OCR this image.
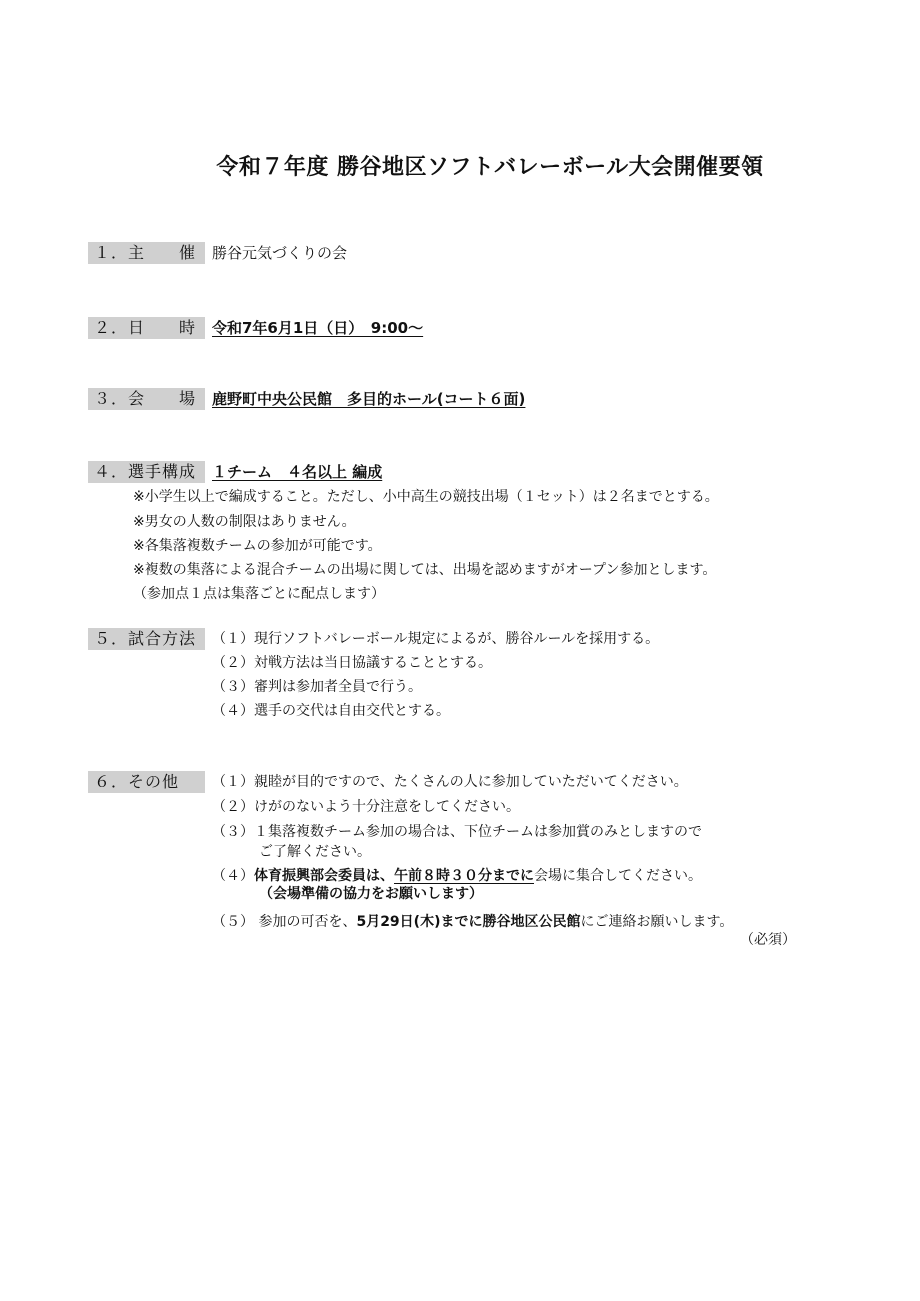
令和７年度 勝谷地区ソフトバレーボール大会開催要領
１．主 催	勝谷元気づくりの会
２．日 時	令和7年6月1日（日）　9:00～
３．会 場	鹿野町中央公民館　多目的ホール(コート６面)
４．選手構成	１チーム　４名以上 編成
※小学生以上で編成すること。ただし、小中高生の競技出場（１セット）は２名までとする。
※男女の人数の制限はありません。
※各集落複数チームの参加が可能です。
※複数の集落による混合チームの出場に関しては、出場を認めますがオープン参加とします。
（参加点１点は集落ごとに配点します）
５．試合方法	（１）現行ソフトバレーボール規定によるが、勝谷ルールを採用する。
（２）対戦方法は当日協議することとする。
（３）審判は参加者全員で行う。
（４）選手の交代は自由交代とする。
６．その他	（１）親睦が目的ですので、たくさんの人に参加していただいてください。
（２）けがのないよう十分注意をしてください。
（３）１集落複数チーム参加の場合は、下位チームは参加賞のみとしますので
ご了解ください。
（４）体育振興部会委員は、午前８時３０分までに会場に集合してください。
（会場準備の協力をお願いします）
（５） 参加の可否を、5月29日(木)までに勝谷地区公民館にご連絡お願いします。
（必須）
